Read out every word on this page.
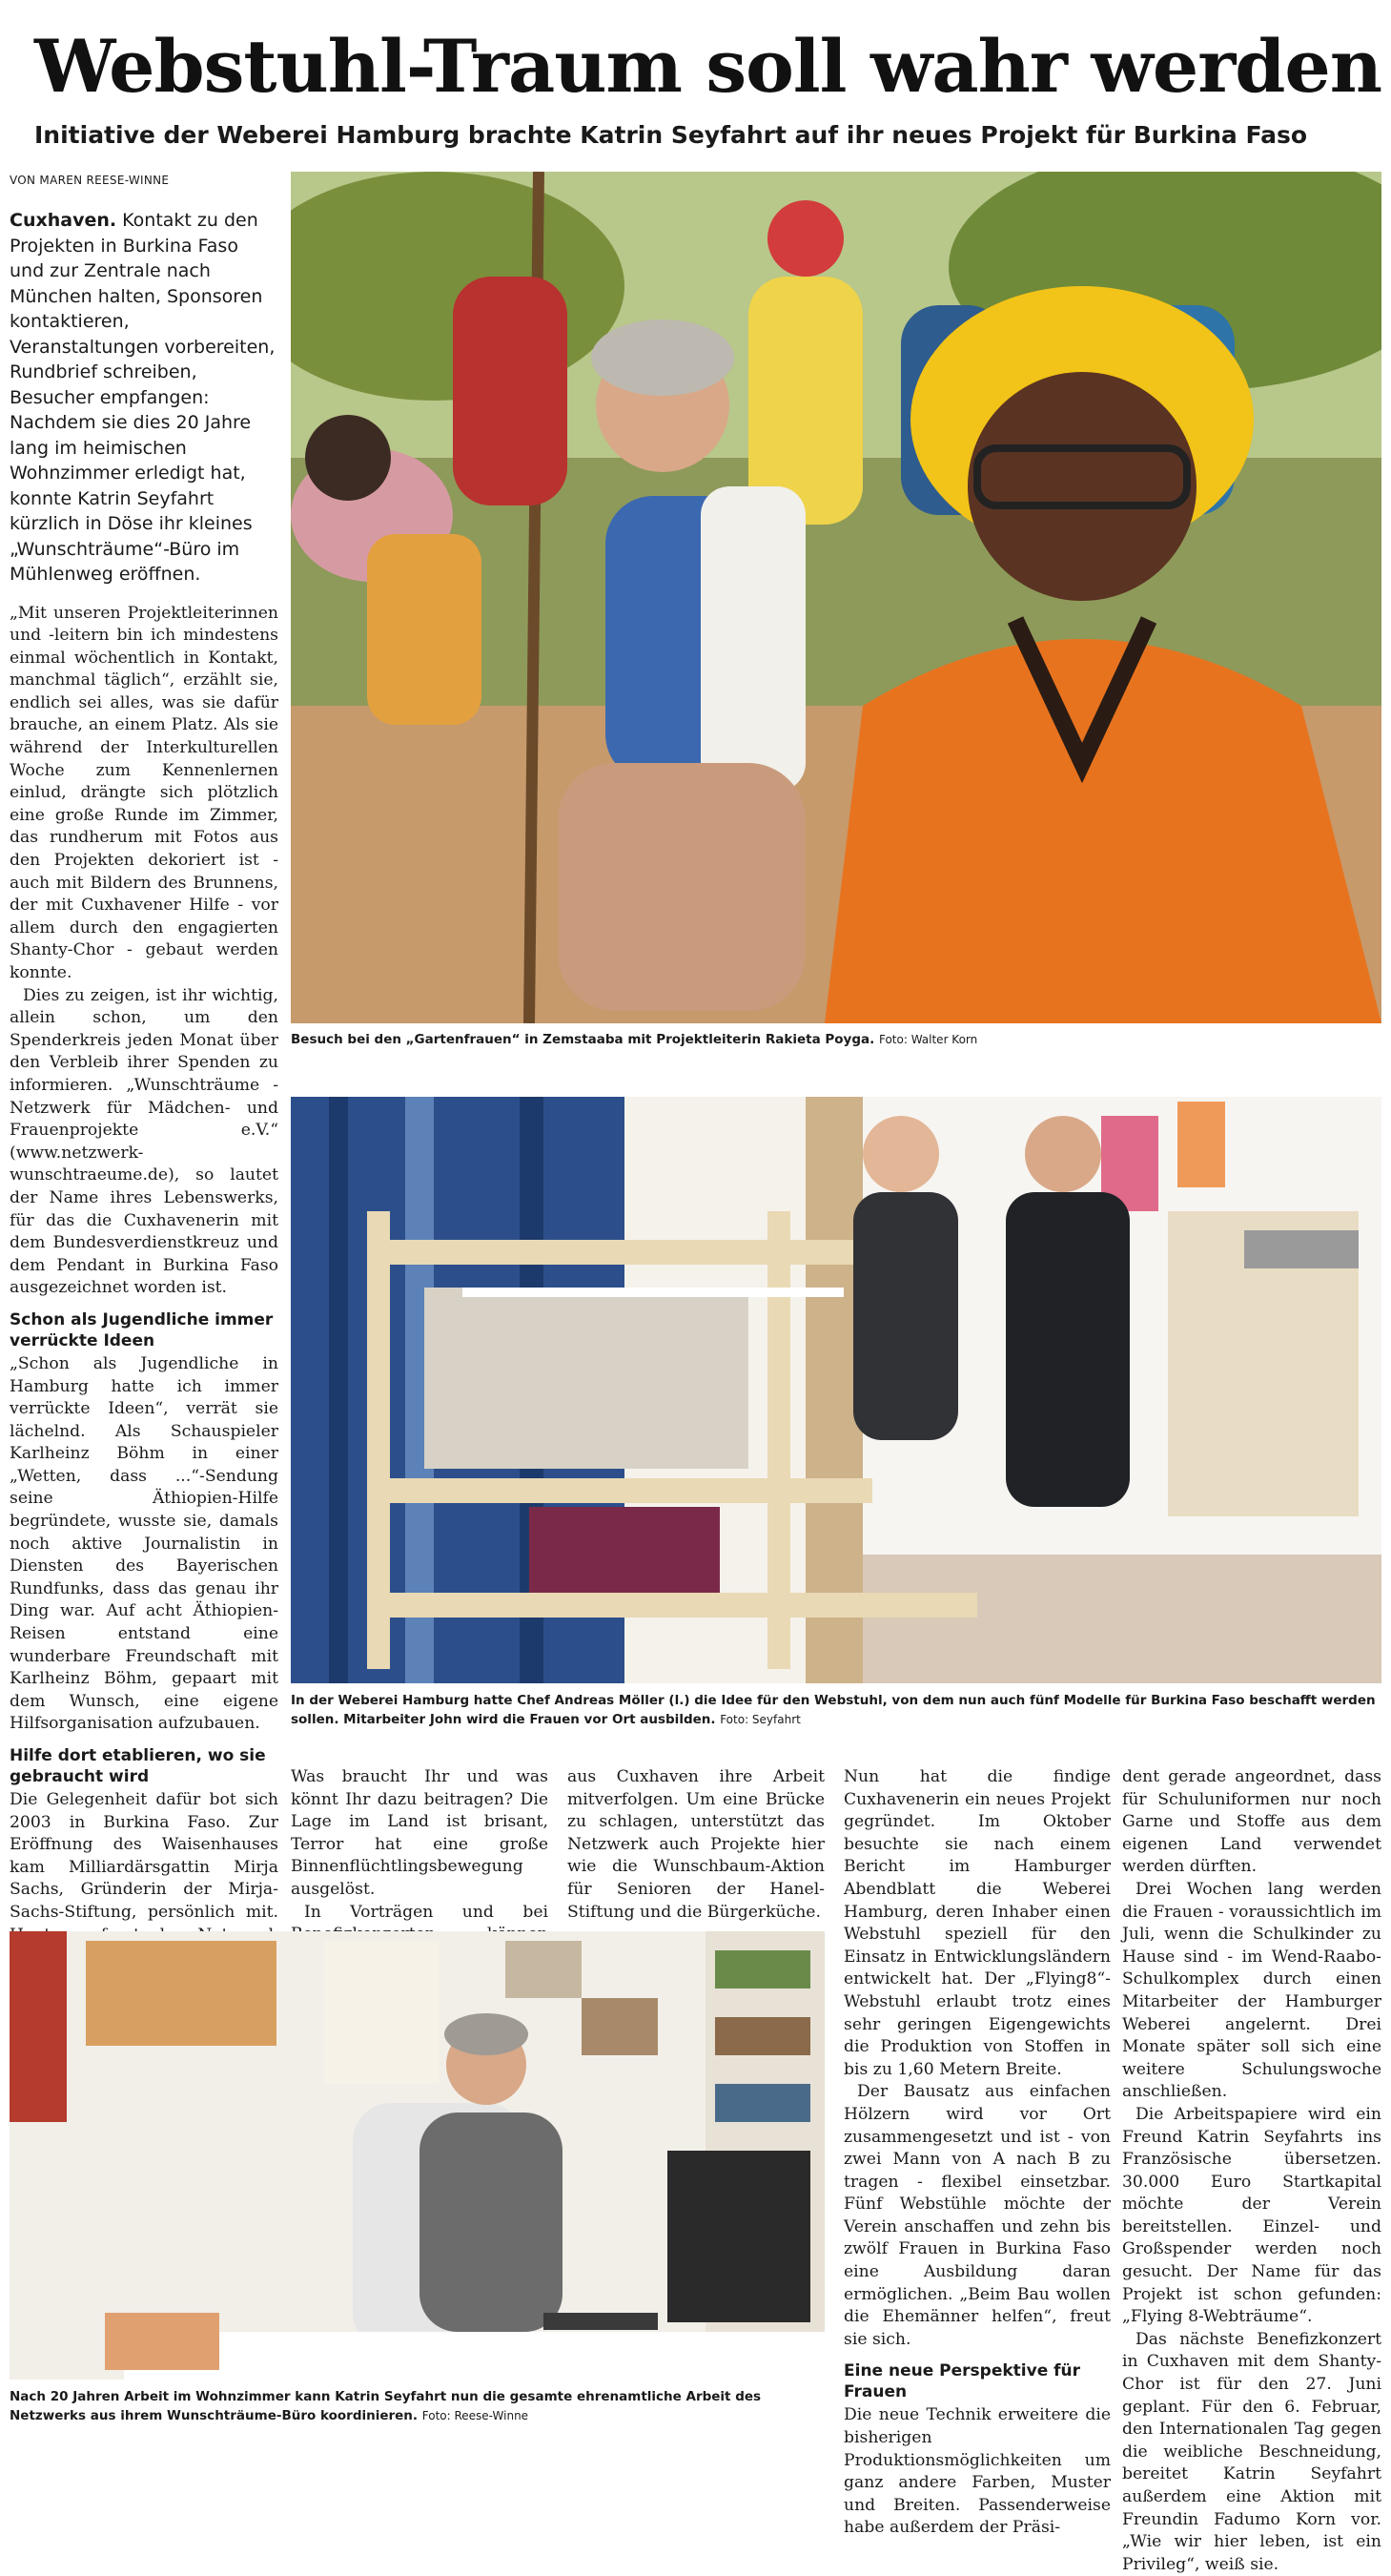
Webstuhl-Traum soll wahr werden
Initiative der Weberei Hamburg brachte Katrin Seyfahrt auf ihr neues Projekt für Burkina Faso
VON MAREN REESE-WINNE
Cuxhaven. Kontakt zu den Projekten in Burkina Faso und zur Zentrale nach München halten, Sponsoren kontaktieren, Veranstaltungen vorbereiten, Rundbrief schreiben, Besucher empfangen: Nachdem sie dies 20 Jahre lang im heimischen Wohnzimmer erledigt hat, konnte Katrin Seyfahrt kürzlich in Döse ihr kleines „Wunschträume“-Büro im Mühlenweg eröffnen.

„Mit unseren Projektleiterinnen und -leitern bin ich mindestens einmal wöchentlich in Kontakt, manchmal täglich“, erzählt sie, endlich sei alles, was sie dafür brauche, an einem Platz. Als sie während der Interkulturellen Woche zum Kennenlernen einlud, drängte sich plötzlich eine große Runde im Zimmer, das rundherum mit Fotos aus den Projekten dekoriert ist - auch mit Bildern des Brunnens, der mit Cuxhavener Hilfe - vor allem durch den engagierten Shanty-Chor - gebaut werden konnte.

Dies zu zeigen, ist ihr wichtig, allein schon, um den Spenderkreis jeden Monat über den Verbleib ihrer Spenden zu informieren. „Wunschträume - Netzwerk für Mädchen- und Frauenprojekte e.V.“ (www.netzwerk-wunschtraeume.de), so lautet der Name ihres Lebenswerks, für das die Cuxhavenerin mit dem Bundesverdienstkreuz und dem Pendant in Burkina Faso ausgezeichnet worden ist.

Schon als Jugendliche immer verrückte Ideen

„Schon als Jugendliche in Hamburg hatte ich immer verrückte Ideen“, verrät sie lächelnd. Als Schauspieler Karlheinz Böhm in einer „Wetten, dass ...“-Sendung seine Äthiopien-Hilfe begründete, wusste sie, damals noch aktive Journalistin in Diensten des Bayerischen Rundfunks, dass das genau ihr Ding war. Auf acht Äthiopien-Reisen entstand eine wunderbare Freundschaft mit Karlheinz Böhm, gepaart mit dem Wunsch, eine eigene Hilfsorganisation aufzubauen.

Hilfe dort etablieren, wo sie gebraucht wird

Die Gelegenheit dafür bot sich 2003 in Burkina Faso. Zur Eröffnung des Waisenhauses kam Milliardärsgattin Mirja Sachs, Gründerin der Mirja-Sachs-Stiftung, persönlich mit.

Besuch bei den „Gartenfrauen“ in Zemstaaba mit Projektleiterin Rakieta Poyga. Foto: Walter Korn
In der Weberei Hamburg hatte Chef Andreas Möller (l.) die Idee für den Webstuhl, von dem nun auch fünf Modelle für Burkina Faso beschafft werden sollen. Mitarbeiter John wird die Frauen vor Ort ausbilden. Foto: Seyfahrt

Was braucht Ihr und was könnt Ihr dazu beitragen? Die Lage im Land ist brisant, Terror hat eine große Binnenflüchtlingsbewegung ausgelöst.

In Vorträgen und bei

aus Cuxhaven ihre Arbeit mitverfolgen. Um eine Brücke zu schlagen, unterstützt das Netzwerk auch Projekte hier wie die Wunschbaum-Aktion für Senioren der Hanel-Stiftung und die Bürgerküche.

Nach 20 Jahren Arbeit im Wohnzimmer kann Katrin Seyfahrt nun die gesamte ehrenamtliche Arbeit des Netzwerks aus ihrem Wunschträume-Büro koordinieren. Foto: Reese-Winne

Nun hat die findige Cuxhavenerin ein neues Projekt gegründet. Im Oktober besuchte sie nach einem Bericht im Hamburger Abendblatt die Weberei Hamburg, deren Inhaber einen Webstuhl speziell für den Einsatz in Entwicklungsländern entwickelt hat. Der „Flying8“-Webstuhl erlaubt trotz eines sehr geringen Eigengewichts die Produktion von Stoffen in bis zu 1,60 Metern Breite.

Der Bausatz aus einfachen Hölzern wird vor Ort zusammengesetzt und ist - von zwei Mann von A nach B zu tragen - flexibel einsetzbar. Fünf Webstühle möchte der Verein anschaffen und zehn bis zwölf Frauen in Burkina Faso eine Ausbildung daran ermöglichen. „Beim Bau wollen die Ehemänner helfen“, freut sie sich.

Eine neue Perspektive für Frauen

Die neue Technik erweitere die bisherigen Produktionsmöglichkeiten um ganz andere Farben, Muster und Breiten. Passenderweise habe außerdem der Präsi-

dent gerade angeordnet, dass für Schuluniformen nur noch Garne und Stoffe aus dem eigenen Land verwendet werden dürften.

Drei Wochen lang werden die Frauen - voraussichtlich im Juli, wenn die Schulkinder zu Hause sind - im Wend-Raabo-Schulkomplex durch einen Mitarbeiter der Hamburger Weberei angelernt. Drei Monate später soll sich eine weitere Schulungswoche anschließen.

Die Arbeitspapiere wird ein Freund Katrin Seyfahrts ins Französische übersetzen. 30.000 Euro Startkapital möchte der Verein bereitstellen. Einzel- und Großspender werden noch gesucht. Der Name für das Projekt ist schon gefunden: „Flying 8-Webträume“.

Das nächste Benefizkonzert in Cuxhaven mit dem Shanty-Chor ist für den 27. Juni geplant. Für den 6. Februar, den Internationalen Tag gegen die weibliche Beschneidung, bereitet Katrin Seyfahrt außerdem eine Aktion mit Freundin Fadumo Korn vor. „Wie wir hier leben, ist ein Privileg“, weiß sie.
